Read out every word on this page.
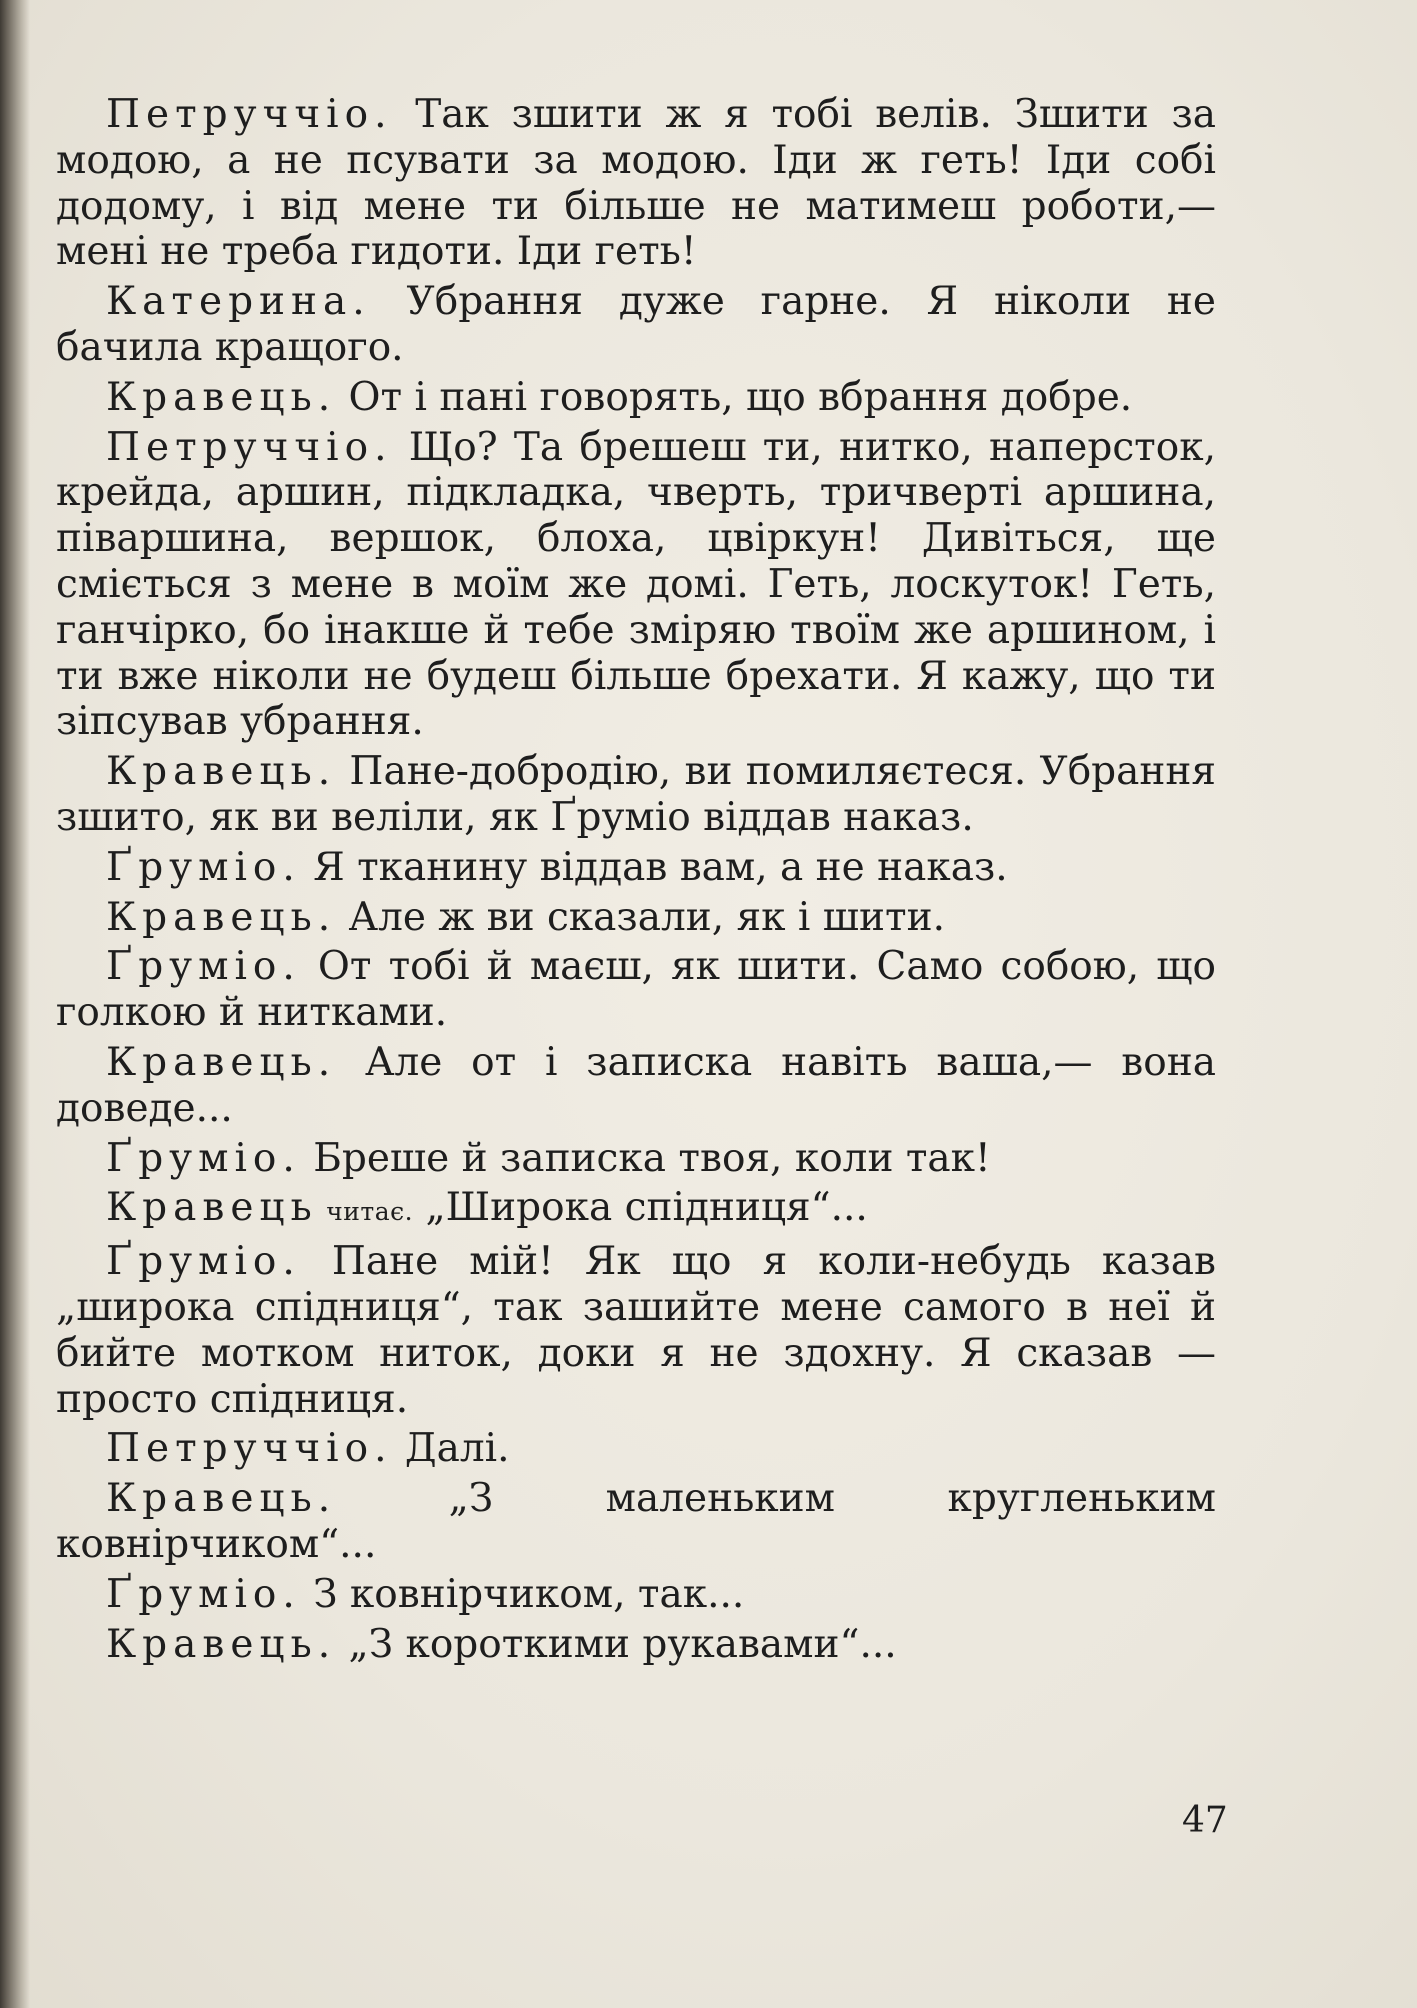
Петруччіо. Так зшити ж я тобі велів. Зшити за модою, а не псувати за модою. Іди ж геть! Іди собі додому, і від мене ти більше не матимеш роботи,— мені не треба гидоти. Іди геть!

Катерина. Убрання дуже гарне. Я ніколи не бачила кращого.

Кравець. От і пані говорять, що вбрання добре.

Петруччіо. Що? Та брешеш ти, нитко, наперсток, крейда, аршин, підкладка, чверть, тричверті аршина, піваршина, вершок, блоха, цвіркун! Дивіться, ще сміється з мене в моїм же домі. Геть, лоскуток! Геть, ганчірко, бо інакше й тебе зміряю твоїм же аршином, і ти вже ніколи не будеш більше брехати. Я кажу, що ти зіпсував убрання.

Кравець. Пане-добродію, ви помиляєтеся. Убрання зшито, як ви веліли, як Ґруміо віддав наказ.

Ґруміо. Я тканину віддав вам, а не наказ.

Кравець. Але ж ви сказали, як і шити.

Ґруміо. От тобі й маєш, як шити. Само собою, що голкою й нитками.

Кравець. Але от і записка навіть ваша,— вона доведе...

Ґруміо. Бреше й записка твоя, коли так!

Кравець читає. „Широка спідниця“...

Ґруміо. Пане мій! Як що я коли-небудь казав „широка спідниця“, так зашийте мене самого в неї й бийте мотком ниток, доки я не здохну. Я сказав — просто спідниця.

Петруччіо. Далі.

Кравець. „З маленьким кругленьким ковнірчиком“...

Ґруміо. З ковнірчиком, так...

Кравець. „З короткими рукавами“...

47
